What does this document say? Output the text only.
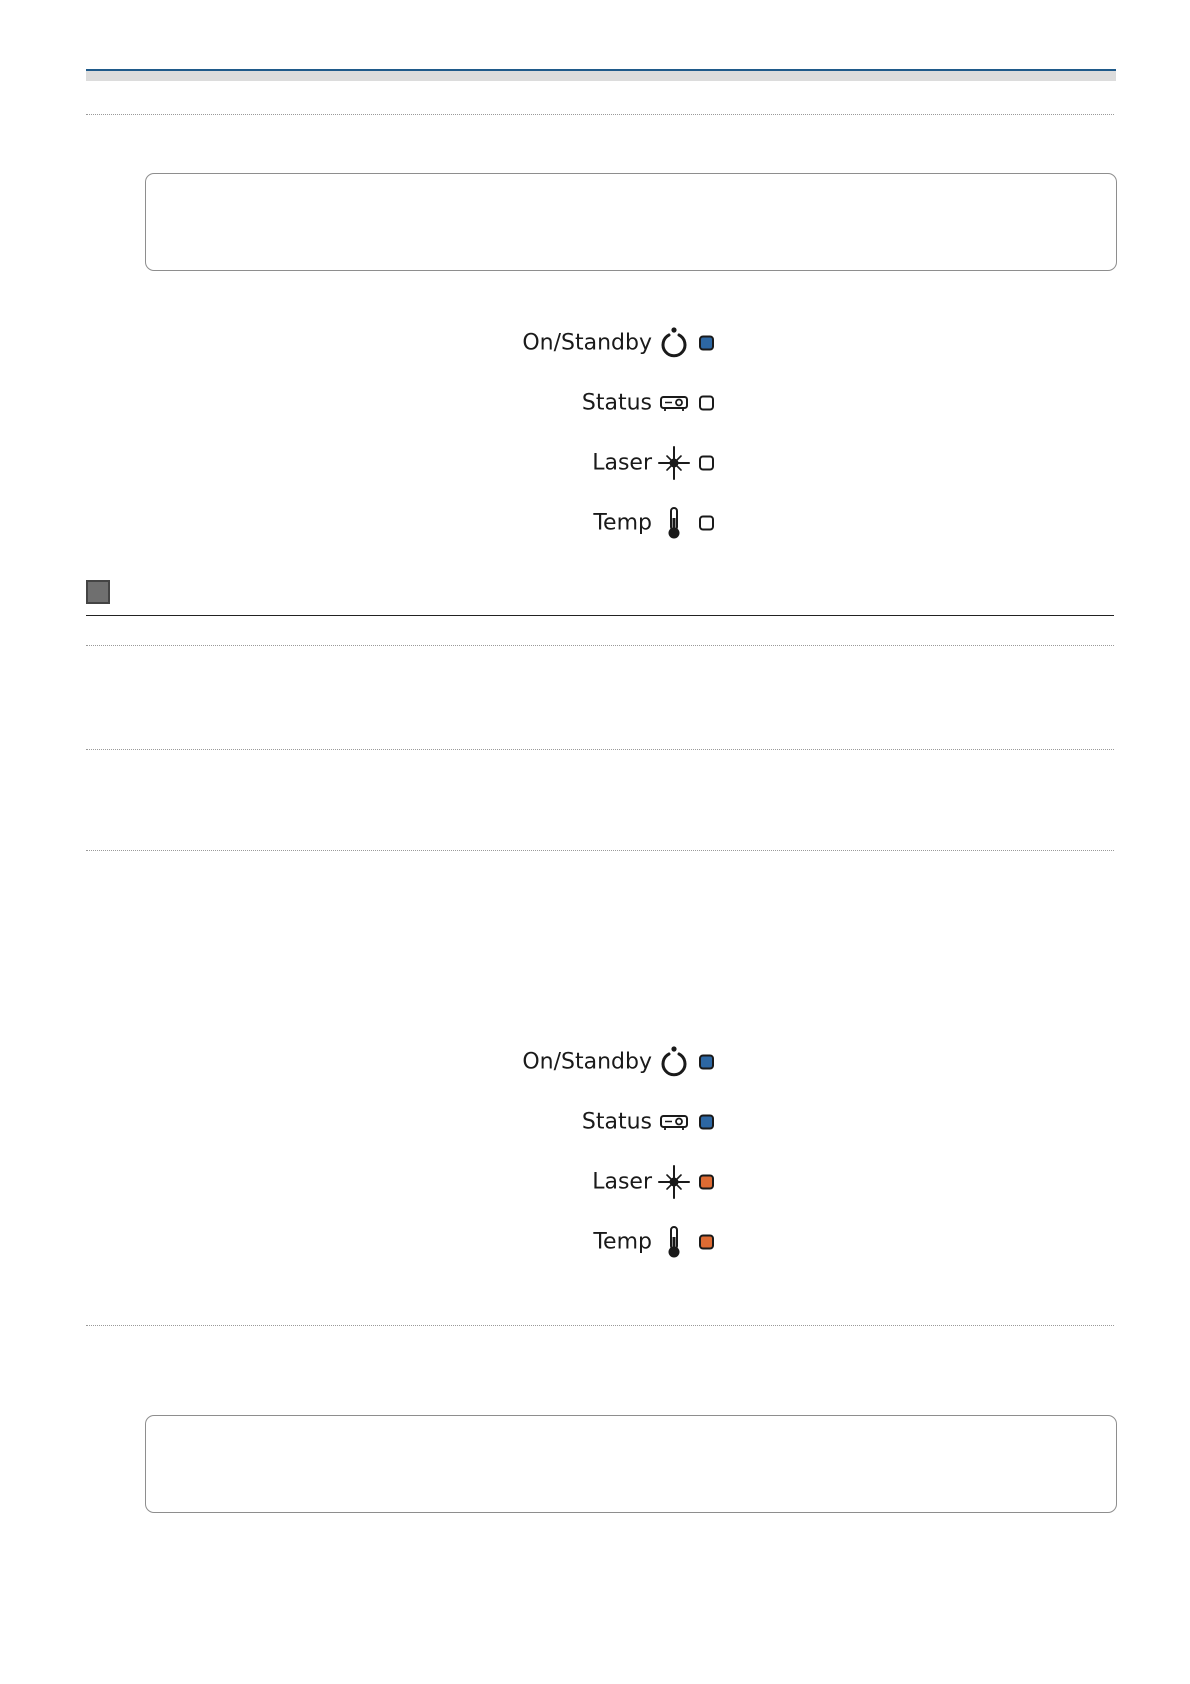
On/Standby
Status
Laser
Temp
On/Standby
Status
Laser
Temp
